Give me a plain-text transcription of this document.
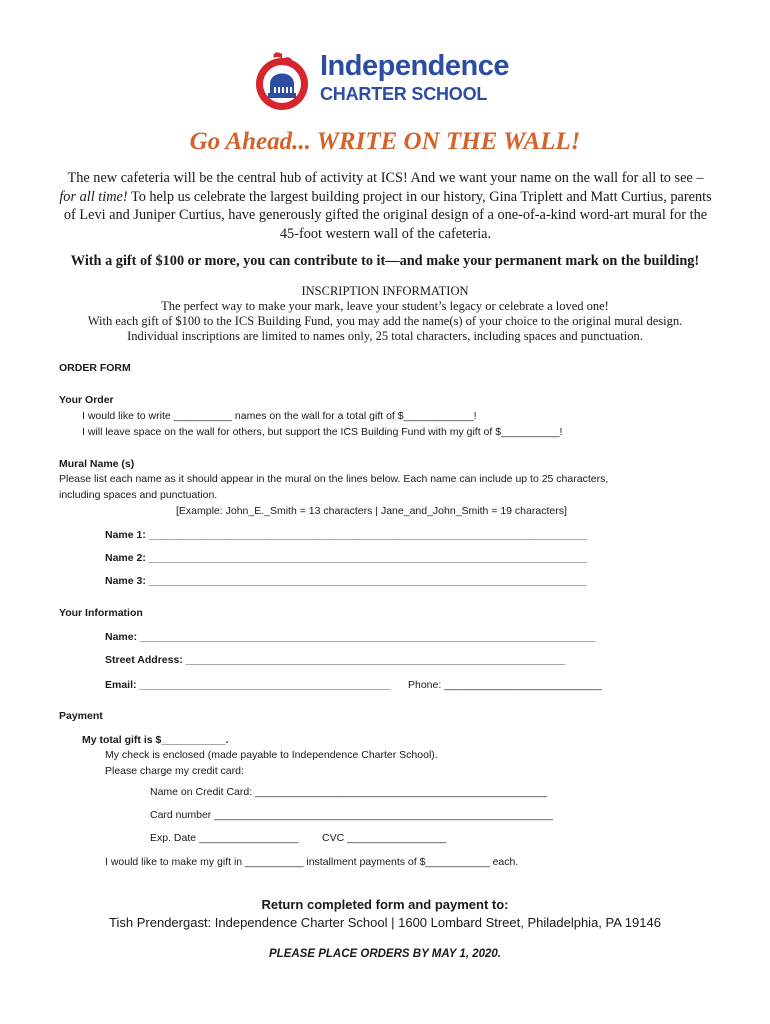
Independence
CHARTER SCHOOL
Go Ahead... WRITE ON THE WALL!
The new cafeteria will be the central hub of activity at ICS! And we want your name on the wall for all to see – for all time! To help us celebrate the largest building project in our history, Gina Triplett and Matt Curtius, parents of Levi and Juniper Curtius, have generously gifted the original design of a one-of-a-kind word-art mural for the 45-foot western wall of the cafeteria.
With a gift of $100 or more, you can contribute to it—and make your permanent mark on the building!
INSCRIPTION INFORMATION
The perfect way to make your mark, leave your student’s legacy or celebrate a loved one!
With each gift of $100 to the ICS Building Fund, you may add the name(s) of your choice to the original mural design.
Individual inscriptions are limited to names only, 25 total characters, including spaces and punctuation.
ORDER FORM
Your Order
I would like to write __________ names on the wall for a total gift of $____________!
I will leave space on the wall for others, but support the ICS Building Fund with my gift of $__________!
Mural Name (s)
Please list each name as it should appear in the mural on the lines below. Each name can include up to 25 characters,
including spaces and punctuation.
[Example: John_E._Smith = 13 characters | Jane_and_John_Smith = 19 characters]
Name 1: ___________________________________________________________________________
Name 2: ___________________________________________________________________________
Name 3: ___________________________________________________________________________
Your Information
Name: ______________________________________________________________________________
Street Address: _________________________________________________________________
Email: ___________________________________________ Phone: ___________________________
Payment
My total gift is $___________.
My check is enclosed (made payable to Independence Charter School).
Please charge my credit card:
Name on Credit Card: __________________________________________________
Card number __________________________________________________________
Exp. Date _________________ CVC _________________
I would like to make my gift in __________ installment payments of $___________ each.
Return completed form and payment to:
Tish Prendergast: Independence Charter School | 1600 Lombard Street, Philadelphia, PA 19146
PLEASE PLACE ORDERS BY MAY 1, 2020.
